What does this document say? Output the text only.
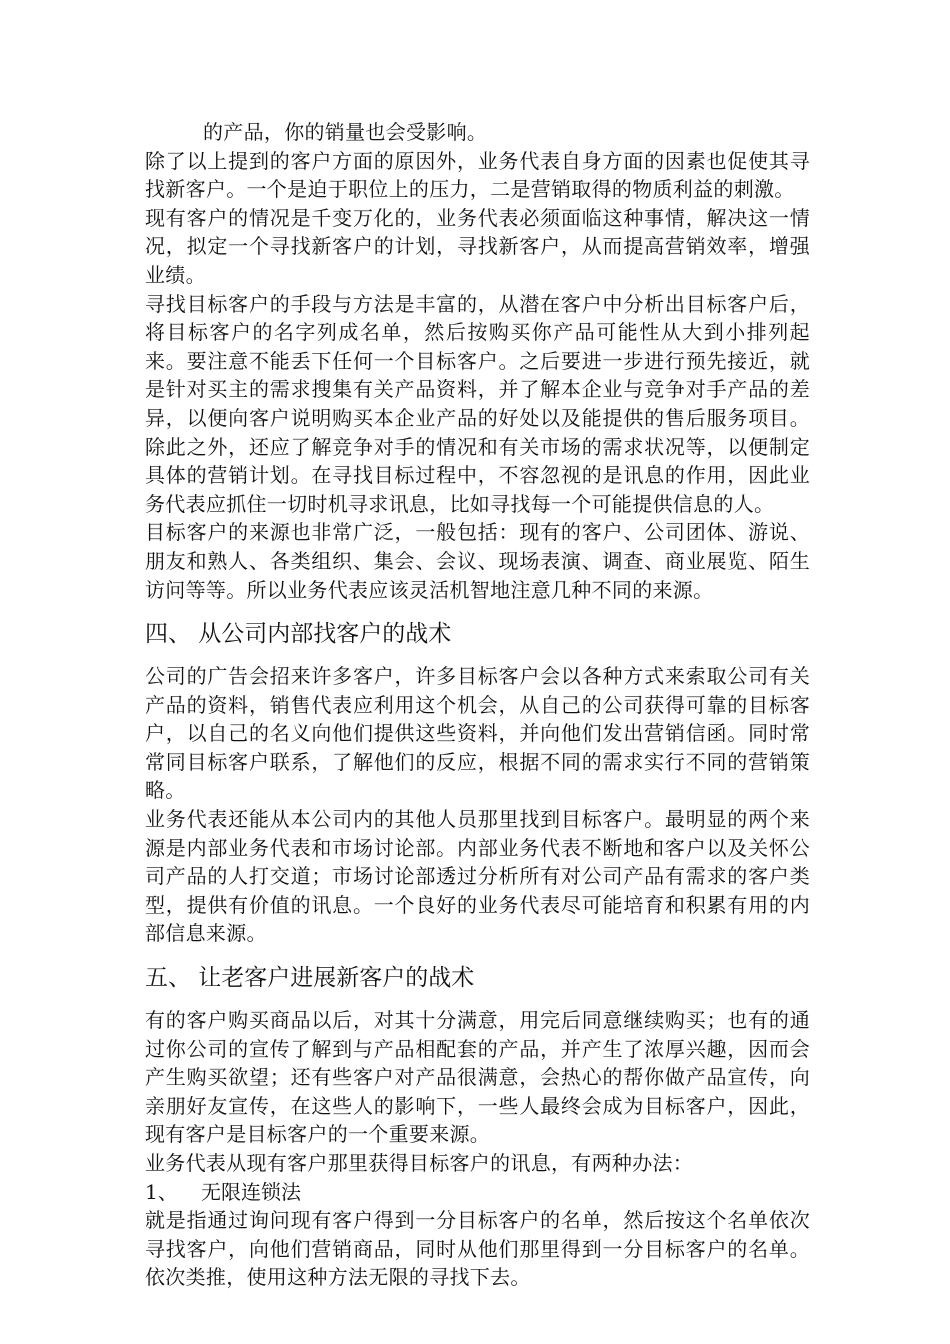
的产品，你的销量也会受影响。

除了以上提到的客户方面的原因外，业务代表自身方面的因素也促使其寻找新客户。一个是迫于职位上的压力，二是营销取得的物质利益的刺激。

现有客户的情况是千变万化的，业务代表必须面临这种事情，解决这一情况，拟定一个寻找新客户的计划，寻找新客户，从而提高营销效率，增强业绩。

寻找目标客户的手段与方法是丰富的，从潜在客户中分析出目标客户后，将目标客户的名字列成名单，然后按购买你产品可能性从大到小排列起来。要注意不能丢下任何一个目标客户。之后要进一步进行预先接近，就是针对买主的需求搜集有关产品资料，并了解本企业与竞争对手产品的差异，以便向客户说明购买本企业产品的好处以及能提供的售后服务项目。除此之外，还应了解竞争对手的情况和有关市场的需求状况等，以便制定具体的营销计划。在寻找目标过程中，不容忽视的是讯息的作用，因此业务代表应抓住一切时机寻求讯息，比如寻找每一个可能提供信息的人。

目标客户的来源也非常广泛，一般包括：现有的客户、公司团体、游说、朋友和熟人、各类组织、集会、会议、现场表演、调查、商业展览、陌生访问等等。所以业务代表应该灵活机智地注意几种不同的来源。

四、 从公司内部找客户的战术

公司的广告会招来许多客户，许多目标客户会以各种方式来索取公司有关产品的资料，销售代表应利用这个机会，从自己的公司获得可靠的目标客户，以自己的名义向他们提供这些资料，并向他们发出营销信函。同时常常同目标客户联系，了解他们的反应，根据不同的需求实行不同的营销策略。

业务代表还能从本公司内的其他人员那里找到目标客户。最明显的两个来源是内部业务代表和市场讨论部。内部业务代表不断地和客户以及关怀公司产品的人打交道；市场讨论部透过分析所有对公司产品有需求的客户类型，提供有价值的讯息。一个良好的业务代表尽可能培育和积累有用的内部信息来源。

五、 让老客户进展新客户的战术

有的客户购买商品以后，对其十分满意，用完后同意继续购买；也有的通过你公司的宣传了解到与产品相配套的产品，并产生了浓厚兴趣，因而会产生购买欲望；还有些客户对产品很满意，会热心的帮你做产品宣传，向亲朋好友宣传，在这些人的影响下，一些人最终会成为目标客户，因此，现有客户是目标客户的一个重要来源。

业务代表从现有客户那里获得目标客户的讯息，有两种办法：

1、 无限连锁法

就是指通过询问现有客户得到一分目标客户的名单，然后按这个名单依次寻找客户，向他们营销商品，同时从他们那里得到一分目标客户的名单。依次类推，使用这种方法无限的寻找下去。
